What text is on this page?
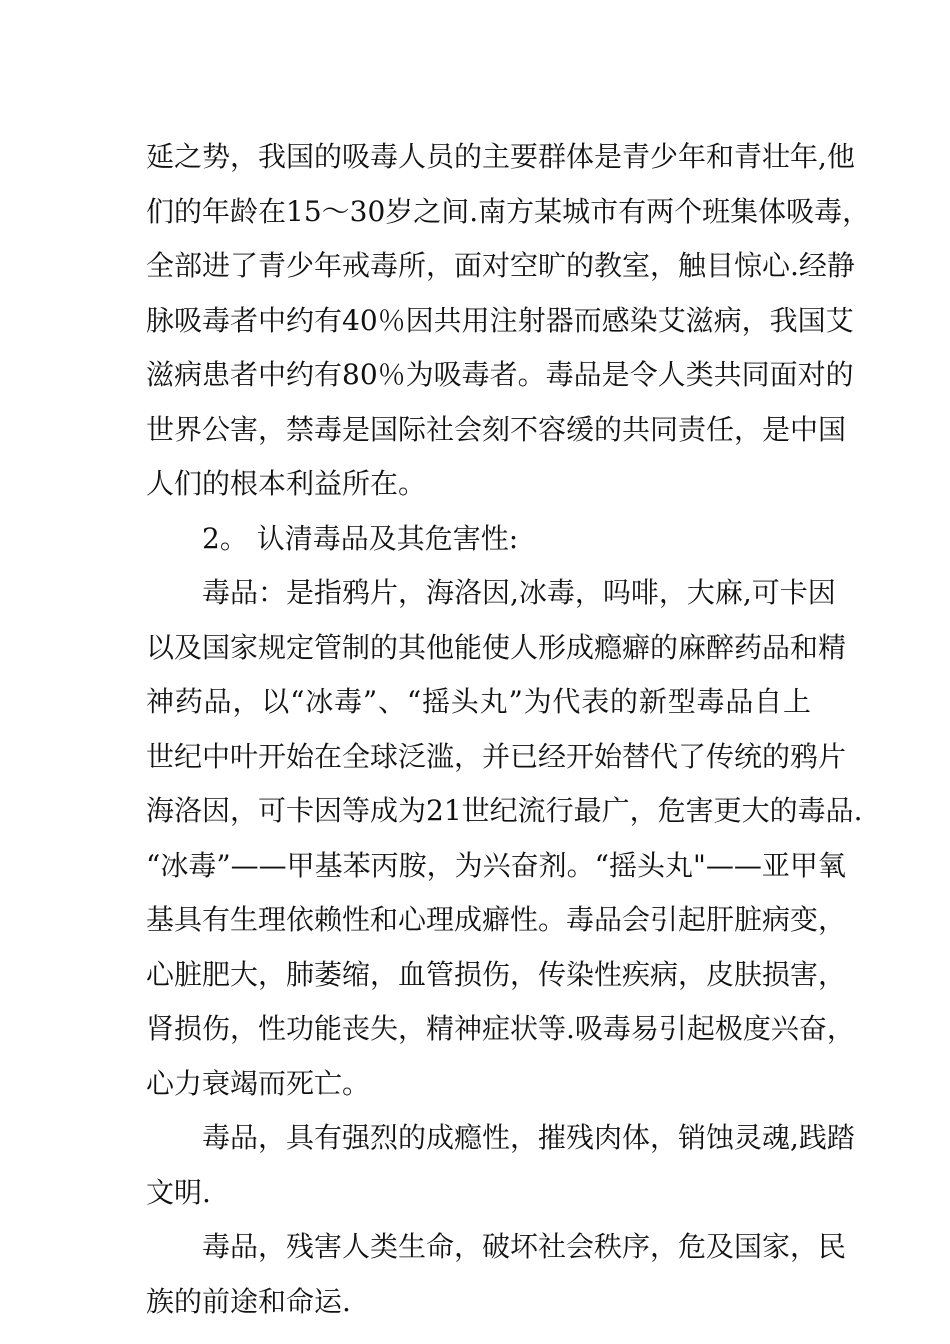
延之势，我国的吸毒人员的主要群体是青少年和青壮年,他
们的年龄在15～30岁之间.南方某城市有两个班集体吸毒，
全部进了青少年戒毒所，面对空旷的教室，触目惊心.经静
脉吸毒者中约有40％因共用注射器而感染艾滋病，我国艾
滋病患者中约有80％为吸毒者。毒品是令人类共同面对的
世界公害，禁毒是国际社会刻不容缓的共同责任，是中国
人们的根本利益所在。
2。 认清毒品及其危害性:
毒品：是指鸦片，海洛因,冰毒，吗啡，大麻,可卡因
以及国家规定管制的其他能使人形成瘾癖的麻醉药品和精
神药品，以“冰毒”、“摇头丸”为代表的新型毒品自上
世纪中叶开始在全球泛滥，并已经开始替代了传统的鸦片
海洛因，可卡因等成为21世纪流行最广，危害更大的毒品.
“冰毒”——甲基苯丙胺，为兴奋剂。“摇头丸"——亚甲氧
基具有生理依赖性和心理成癖性。毒品会引起肝脏病变，
心脏肥大，肺萎缩，血管损伤，传染性疾病，皮肤损害，
肾损伤，性功能丧失，精神症状等.吸毒易引起极度兴奋，
心力衰竭而死亡。
毒品，具有强烈的成瘾性，摧残肉体，销蚀灵魂,践踏
文明.
毒品，残害人类生命，破坏社会秩序，危及国家，民
族的前途和命运.
